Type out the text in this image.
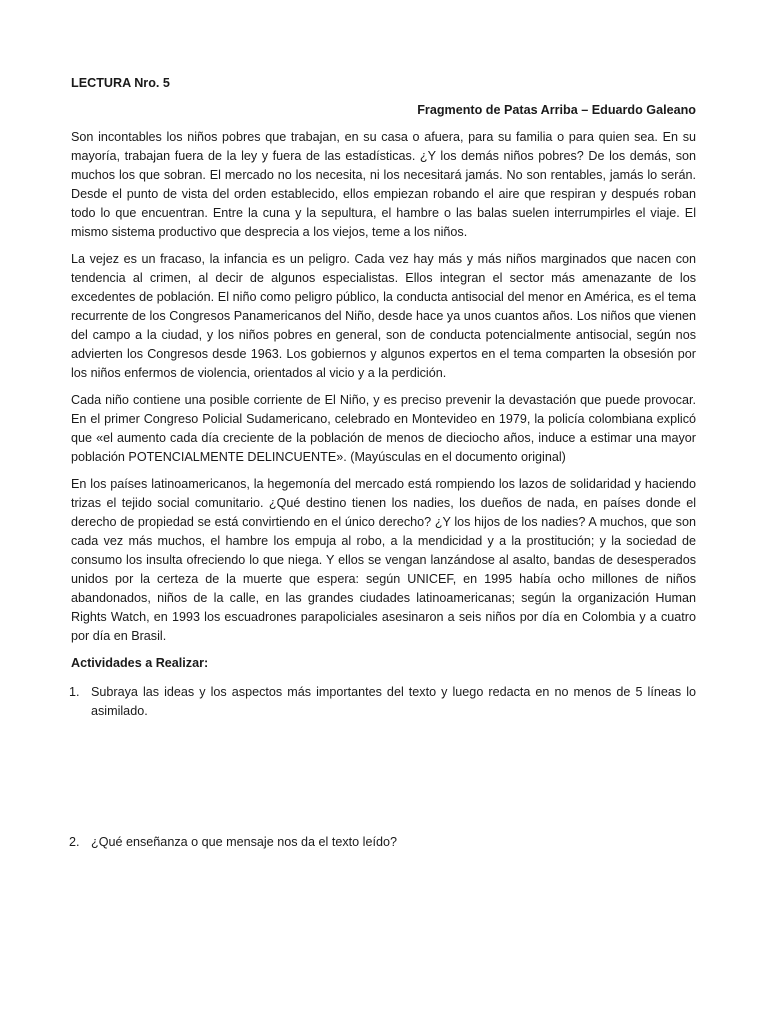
LECTURA Nro. 5
Fragmento de Patas Arriba – Eduardo Galeano

Son incontables los niños pobres que trabajan, en su casa o afuera, para su familia o para quien sea. En su mayoría, trabajan fuera de la ley y fuera de las estadísticas. ¿Y los demás niños pobres? De los demás, son muchos los que sobran. El mercado no los necesita, ni los necesitará jamás. No son rentables, jamás lo serán. Desde el punto de vista del orden establecido, ellos empiezan robando el aire que respiran y después roban todo lo que encuentran. Entre la cuna y la sepultura, el hambre o las balas suelen interrumpirles el viaje. El mismo sistema productivo que desprecia a los viejos, teme a los niños.

La vejez es un fracaso, la infancia es un peligro. Cada vez hay más y más niños marginados que nacen con tendencia al crimen, al decir de algunos especialistas. Ellos integran el sector más amenazante de los excedentes de población. El niño como peligro público, la conducta antisocial del menor en América, es el tema recurrente de los Congresos Panamericanos del Niño, desde hace ya unos cuantos años. Los niños que vienen del campo a la ciudad, y los niños pobres en general, son de conducta potencialmente antisocial, según nos advierten los Congresos desde 1963. Los gobiernos y algunos expertos en el tema comparten la obsesión por los niños enfermos de violencia, orientados al vicio y a la perdición.

Cada niño contiene una posible corriente de El Niño, y es preciso prevenir la devastación que puede provocar. En el primer Congreso Policial Sudamericano, celebrado en Montevideo en 1979, la policía colombiana explicó que «el aumento cada día creciente de la población de menos de dieciocho años, induce a estimar una mayor población POTENCIALMENTE DELINCUENTE». (Mayúsculas en el documento original)

En los países latinoamericanos, la hegemonía del mercado está rompiendo los lazos de solidaridad y haciendo trizas el tejido social comunitario. ¿Qué destino tienen los nadies, los dueños de nada, en países donde el derecho de propiedad se está convirtiendo en el único derecho? ¿Y los hijos de los nadies? A muchos, que son cada vez más muchos, el hambre los empuja al robo, a la mendicidad y a la prostitución; y la sociedad de consumo los insulta ofreciendo lo que niega. Y ellos se vengan lanzándose al asalto, bandas de desesperados unidos por la certeza de la muerte que espera: según UNICEF, en 1995 había ocho millones de niños abandonados, niños de la calle, en las grandes ciudades latinoamericanas; según la organización Human Rights Watch, en 1993 los escuadrones parapoliciales asesinaron a seis niños por día en Colombia y a cuatro por día en Brasil.

Actividades a Realizar:
1. Subraya las ideas y los aspectos más importantes del texto y luego redacta en no menos de 5 líneas lo asimilado.
2. ¿Qué enseñanza o que mensaje nos da el texto leído?
